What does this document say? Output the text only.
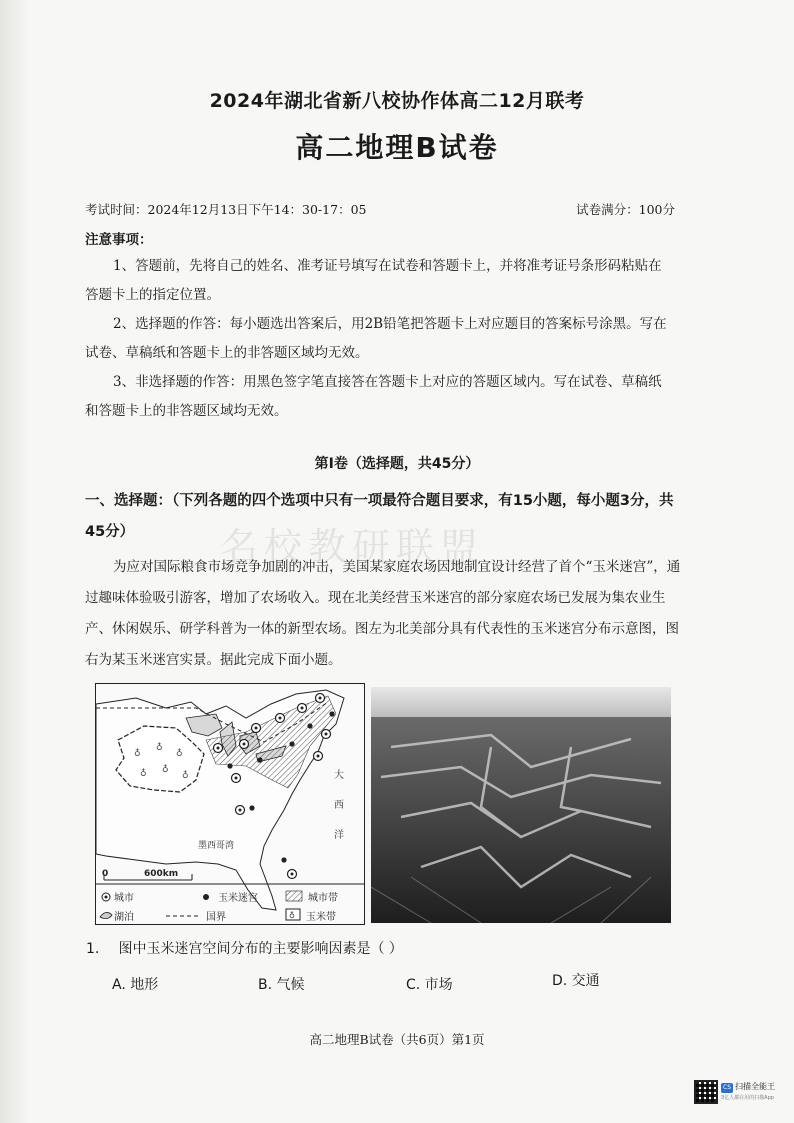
2024年湖北省新八校协作体高二12月联考
高二地理B试卷
考试时间：2024年12月13日下午14：30-17：05	试卷满分：100分
注意事项：

1、答题前，先将自己的姓名、准考证号填写在试卷和答题卡上，并将准考证号条形码粘贴在答题卡上的指定位置。

2、选择题的作答：每小题选出答案后，用2B铅笔把答题卡上对应题目的答案标号涂黑。写在试卷、草稿纸和答题卡上的非答题区域均无效。

3、非选择题的作答：用黑色签字笔直接答在答题卡上对应的答题区域内。写在试卷、草稿纸和答题卡上的非答题区域均无效。

第Ⅰ卷（选择题，共45分）
一、选择题：（下列各题的四个选项中只有一项最符合题目要求，有15小题，每小题3分，共45分）	名校教研联盟

为应对国际粮食市场竞争加剧的冲击，美国某家庭农场因地制宜设计经营了首个“玉米迷宫”，通过趣味体验吸引游客，增加了农场收入。现在北美经营玉米迷宫的部分家庭农场已发展为集农业生产、休闲娱乐、研学科普为一体的新型农场。图左为北美部分具有代表性的玉米迷宫分布示意图，图右为某玉米迷宫实景。据此完成下面小题。

♁
♁
♁
♁ ♁
♁	大
西
洋
墨西哥湾
0	600km
城市	玉米迷宫	城市带
湖泊	国界	♁ 玉米带
1. 图中玉米迷宫空间分布的主要影响因素是（ ）
A. 地形	B. 气候	C. 市场	D. 交通
高二地理B试卷（共6页）第1页
CS 扫描全能王
3亿人都在用的扫描App
